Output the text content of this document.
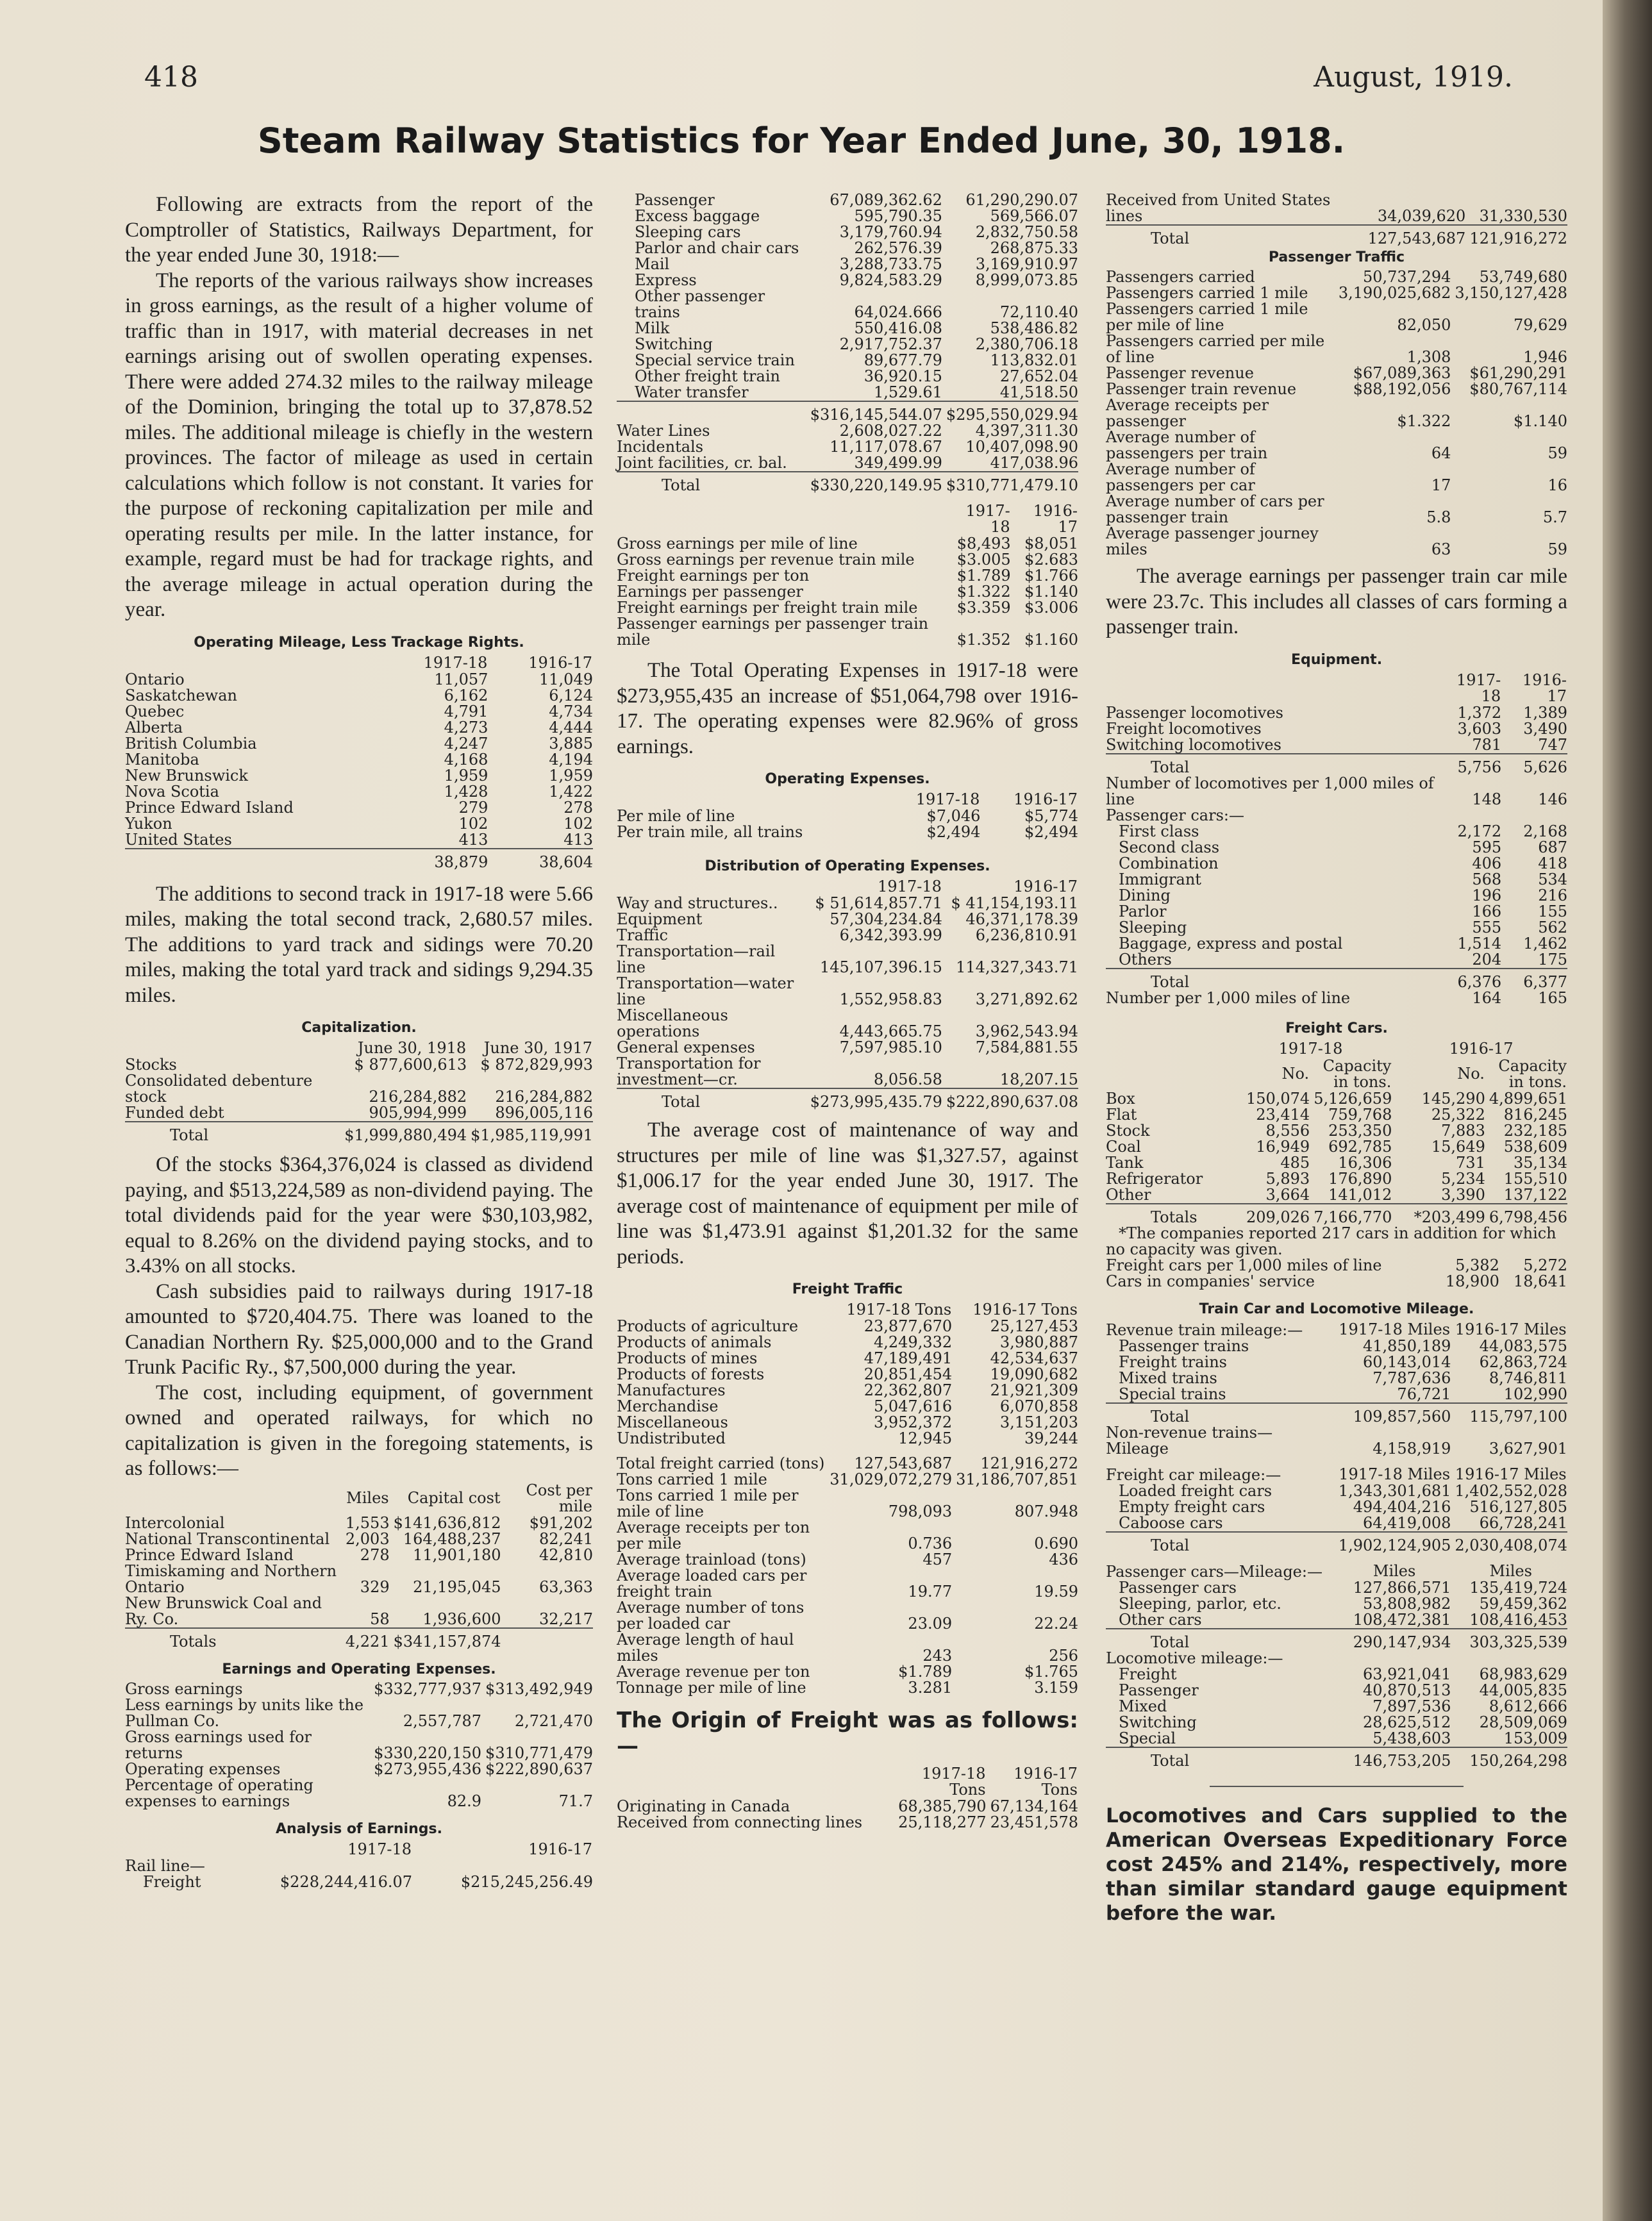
418	August, 1919.
Steam Railway Statistics for Year Ended June, 30, 1918.

Following are extracts from the report of the Comptroller of Statistics, Railways Department, for the year ended June 30, 1918:—

The reports of the various railways show increases in gross earnings, as the result of a higher volume of traffic than in 1917, with material decreases in net earnings arising out of swollen operating expenses. There were added 274.32 miles to the railway mileage of the Dominion, bringing the total up to 37,878.52 miles. The additional mileage is chiefly in the western provinces. The factor of mileage as used in certain calculations which follow is not constant. It varies for the purpose of reckoning capitalization per mile and operating results per mile. In the latter instance, for example, regard must be had for trackage rights, and the average mileage in actual operation during the year.

Operating Mileage, Less Trackage Rights.
	1917-18	1916-17
Ontario	11,057	11,049
Saskatchewan	6,162	6,124
Quebec	4,791	4,734
Alberta	4,273	4,444
British Columbia	4,247	3,885
Manitoba	4,168	4,194
New Brunswick	1,959	1,959
Nova Scotia	1,428	1,422
Prince Edward Island	279	278
Yukon	102	102
United States	413	413
	38,879	38,604

The additions to second track in 1917-18 were 5.66 miles, making the total second track, 2,680.57 miles. The additions to yard track and sidings were 70.20 miles, making the total yard track and sidings 9,294.35 miles.

Capitalization.
	June 30, 1918	June 30, 1917
Stocks	$ 877,600,613	$ 872,829,993
Consolidated debenture stock	216,284,882	216,284,882
Funded debt	905,994,999	896,005,116
Total	$1,999,880,494	$1,985,119,991

Of the stocks $364,376,024 is classed as dividend paying, and $513,224,589 as non-dividend paying. The total dividends paid for the year were $30,103,982, equal to 8.26% on the dividend paying stocks, and to 3.43% on all stocks.

Cash subsidies paid to railways during 1917-18 amounted to $720,404.75. There was loaned to the Canadian Northern Ry. $25,000,000 and to the Grand Trunk Pacific Ry., $7,500,000 during the year.

The cost, including equipment, of government owned and operated railways, for which no capitalization is given in the foregoing statements, is as follows:—

	Miles	Capital cost	Cost per mile
Intercolonial	1,553	$141,636,812	$91,202
National Transcontinental	2,003	164,488,237	82,241
Prince Edward Island	278	11,901,180	42,810
Timiskaming and Northern Ontario	329	21,195,045	63,363
New Brunswick Coal and Ry. Co.	58	1,936,600	32,217
Totals	4,221	$341,157,874	
Earnings and Operating Expenses.
Gross earnings	$332,777,937	$313,492,949
Less earnings by units like the Pullman Co.	2,557,787	2,721,470
Gross earnings used for returns	$330,220,150	$310,771,479
Operating expenses	$273,955,436	$222,890,637
Percentage of operating expenses to earnings	82.9	71.7
Analysis of Earnings.
	1917-18	1916-17
Rail line—		
Freight	$228,244,416.07	$215,245,256.49
Passenger	67,089,362.62	61,290,290.07
Excess baggage	595,790.35	569,566.07
Sleeping cars	3,179,760.94	2,832,750.58
Parlor and chair cars	262,576.39	268,875.33
Mail	3,288,733.75	3,169,910.97
Express	9,824,583.29	8,999,073.85
Other passenger trains	64,024.666	72,110.40
Milk	550,416.08	538,486.82
Switching	2,917,752.37	2,380,706.18
Special service train	89,677.79	113,832.01
Other freight train	36,920.15	27,652.04
Water transfer	1,529.61	41,518.50
	$316,145,544.07	$295,550,029.94
Water Lines	2,608,027.22	4,397,311.30
Incidentals	11,117,078.67	10,407,098.90
Joint facilities, cr. bal.	349,499.99	417,038.96
Total	$330,220,149.95	$310,771,479.10
	1917-18	1916-17
Gross earnings per mile of line	$8,493	$8,051
Gross earnings per revenue train mile	$3.005	$2.683
Freight earnings per ton	$1.789	$1.766
Earnings per passenger	$1.322	$1.140
Freight earnings per freight train mile	$3.359	$3.006
Passenger earnings per passenger train mile	$1.352	$1.160

The Total Operating Expenses in 1917-18 were $273,955,435 an increase of $51,064,798 over 1916-17. The operating expenses were 82.96% of gross earnings.

Operating Expenses.
	1917-18	1916-17
Per mile of line	$7,046	$5,774
Per train mile, all trains	$2,494	$2,494
Distribution of Operating Expenses.
	1917-18	1916-17
Way and structures..	$ 51,614,857.71	$ 41,154,193.11
Equipment	57,304,234.84	46,371,178.39
Traffic	6,342,393.99	6,236,810.91
Transportation—rail line	145,107,396.15	114,327,343.71
Transportation—water line	1,552,958.83	3,271,892.62
Miscellaneous operations	4,443,665.75	3,962,543.94
General expenses	7,597,985.10	7,584,881.55
Transportation for investment—cr.	8,056.58	18,207.15
Total	$273,995,435.79	$222,890,637.08

The average cost of maintenance of way and structures per mile of line was $1,327.57, against $1,006.17 for the year ended June 30, 1917. The average cost of maintenance of equipment per mile of line was $1,473.91 against $1,201.32 for the same periods.

Freight Traffic
	1917-18 Tons	1916-17 Tons
Products of agriculture	23,877,670	25,127,453
Products of animals	4,249,332	3,980,887
Products of mines	47,189,491	42,534,637
Products of forests	20,851,454	19,090,682
Manufactures	22,362,807	21,921,309
Merchandise	5,047,616	6,070,858
Miscellaneous	3,952,372	3,151,203
Undistributed	12,945	39,244

Total freight carried (tons)	127,543,687	121,916,272
Tons carried 1 mile	31,029,072,279	31,186,707,851
Tons carried 1 mile per mile of line	798,093	807.948
Average receipts per ton per mile	0.736	0.690
Average trainload (tons)	457	436
Average loaded cars per freight train	19.77	19.59
Average number of tons per loaded car	23.09	22.24
Average length of haul miles	243	256
Average revenue per ton	$1.789	$1.765
Tonnage per mile of line	3.281	3.159

The Origin of Freight was as follows:—

	1917-18 Tons	1916-17 Tons
Originating in Canada	68,385,790	67,134,164
Received from connecting lines	25,118,277	23,451,578
Received from United States lines	34,039,620	31,330,530
Total	127,543,687	121,916,272
Passenger Traffic
Passengers carried	50,737,294	53,749,680
Passengers carried 1 mile	3,190,025,682	3,150,127,428
Passengers carried 1 mile per mile of line	82,050	79,629
Passengers carried per mile of line	1,308	1,946
Passenger revenue	$67,089,363	$61,290,291
Passenger train revenue	$88,192,056	$80,767,114
Average receipts per passenger	$1.322	$1.140
Average number of passengers per train	64	59
Average number of passengers per car	17	16
Average number of cars per passenger train	5.8	5.7
Average passenger journey miles	63	59

The average earnings per passenger train car mile were 23.7c. This includes all classes of cars forming a passenger train.

Equipment.
	1917-18	1916-17
Passenger locomotives	1,372	1,389
Freight locomotives	3,603	3,490
Switching locomotives	781	747
Total	5,756	5,626
Number of locomotives per 1,000 miles of line	148	146
Passenger cars:—		
First class	2,172	2,168
Second class	595	687
Combination	406	418
Immigrant	568	534
Dining	196	216
Parlor	166	155
Sleeping	555	562
Baggage, express and postal	1,514	1,462
Others	204	175
Total	6,376	6,377
Number per 1,000 miles of line	164	165
Freight Cars.
	1917-18		1916-17	
	No.	Capacity in tons.	No.	Capacity in tons.
Box	150,074	5,126,659	145,290	4,899,651
Flat	23,414	759,768	25,322	816,245
Stock	8,556	253,350	7,883	232,185
Coal	16,949	692,785	15,649	538,609
Tank	485	16,306	731	35,134
Refrigerator	5,893	176,890	5,234	155,510
Other	3,664	141,012	3,390	137,122
Totals	209,026	7,166,770	*203,499	6,798,456
*The companies reported 217 cars in addition for which no capacity was given.				
Freight cars per 1,000 miles of line	5,382	5,272
Cars in companies' service	18,900	18,641
Train Car and Locomotive Mileage.
Revenue train mileage:—	1917-18 Miles	1916-17 Miles
Passenger trains	41,850,189	44,083,575
Freight trains	60,143,014	62,863,724
Mixed trains	7,787,636	8,746,811
Special trains	76,721	102,990
Total	109,857,560	115,797,100
Non-revenue trains—Mileage	4,158,919	3,627,901

Freight car mileage:—	1917-18 Miles	1916-17 Miles
Loaded freight cars	1,343,301,681	1,402,552,028
Empty freight cars	494,404,216	516,127,805
Caboose cars	64,419,008	66,728,241
Total	1,902,124,905	2,030,408,074

Passenger cars—Mileage:—	Miles	Miles
Passenger cars	127,866,571	135,419,724
Sleeping, parlor, etc.	53,808,982	59,459,362
Other cars	108,472,381	108,416,453
Total	290,147,934	303,325,539
Locomotive mileage:—		
Freight	63,921,041	68,983,629
Passenger	40,870,513	44,005,835
Mixed	7,897,536	8,612,666
Switching	28,625,512	28,509,069
Special	5,438,603	153,009
Total	146,753,205	150,264,298

Locomotives and Cars supplied to the American Overseas Expeditionary Force cost 245% and 214%, respectively, more than similar standard gauge equipment before the war.
